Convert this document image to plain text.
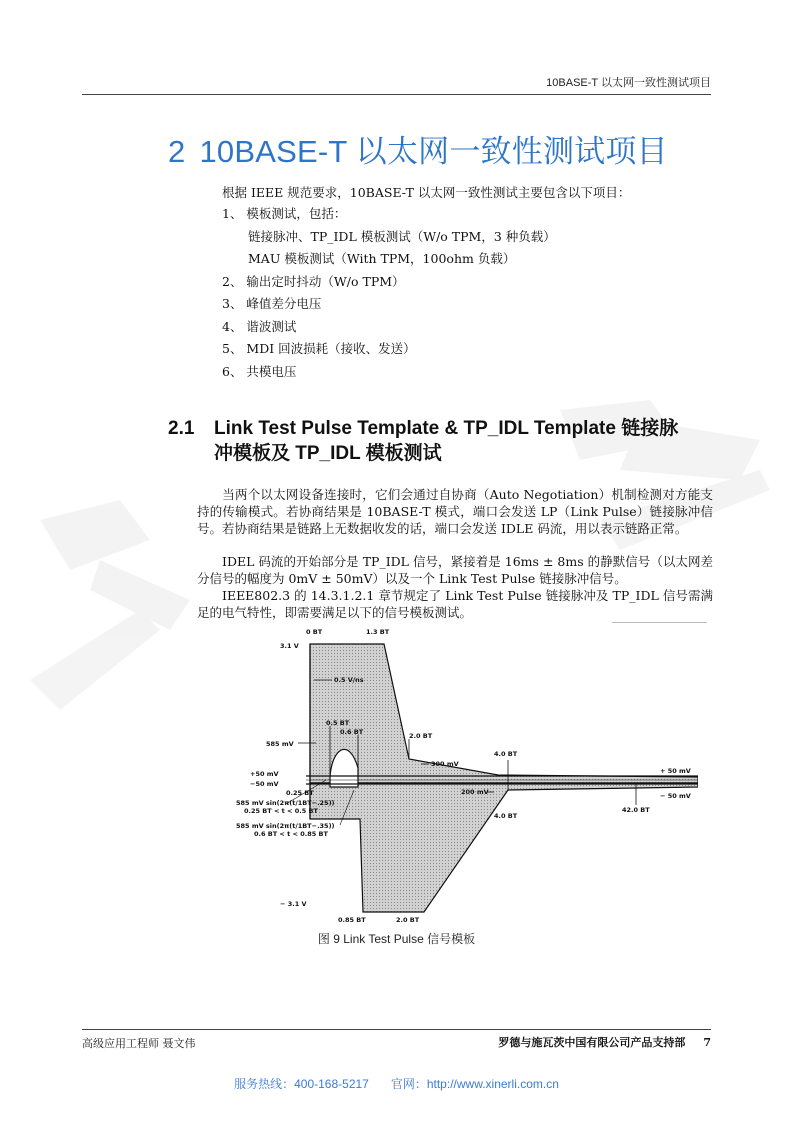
10BASE-T 以太网一致性测试项目
2 10BASE-T 以太网一致性测试项目
根据 IEEE 规范要求，10BASE-T 以太网一致性测试主要包含以下项目：
1、 模板测试，包括：
链接脉冲、TP_IDL 模板测试（W/o TPM，3 种负载）
MAU 模板测试（With TPM，100ohm 负载）
2、 输出定时抖动（W/o TPM）
3、 峰值差分电压
4、 谐波测试
5、 MDI 回波损耗（接收、发送）
6、 共模电压
2.1 Link Test Pulse Template & TP_IDL Template 链接脉
冲模板及 TP_IDL 模板测试
当两个以太网设备连接时，它们会通过自协商（Auto Negotiation）机制检测对方能支持的传输模式。若协商结果是 10BASE-T 模式，端口会发送 LP（Link Pulse）链接脉冲信号。若协商结果是链路上无数据收发的话，端口会发送 IDLE 码流，用以表示链路正常。
IDEL 码流的开始部分是 TP_IDL 信号，紧接着是 16ms ± 8ms 的静默信号（以太网差分信号的幅度为 0mV ± 50mV）以及一个 Link Test Pulse 链接脉冲信号。
IEEE802.3 的 14.3.1.2.1 章节规定了 Link Test Pulse 链接脉冲及 TP_IDL 信号需满足的电气特性，即需要满足以下的信号模板测试。
0 BT	1.3 BT
3.1 V
0.5 V/ns
0.5 BT
0.6 BT
585 mV
2.0 BT
300 mV
4.0 BT
+50 mV
−50 mV
+ 50 mV
− 50 mV
0.25 BT	200 mV
4.0 BT
42.0 BT
585 mV sin(2π(t/1BT−.25))
0.25 BT < t < 0.5 BT
585 mV sin(2π(t/1BT−.35))
0.6 BT < t < 0.85 BT
− 3.1 V
0.85 BT	2.0 BT
图 9 Link Test Pulse 信号模板
高级应用工程师 聂文伟	罗德与施瓦茨中国有限公司产品支持部 7
服务热线：400-168-5217 官网：http://www.xinerli.com.cn
